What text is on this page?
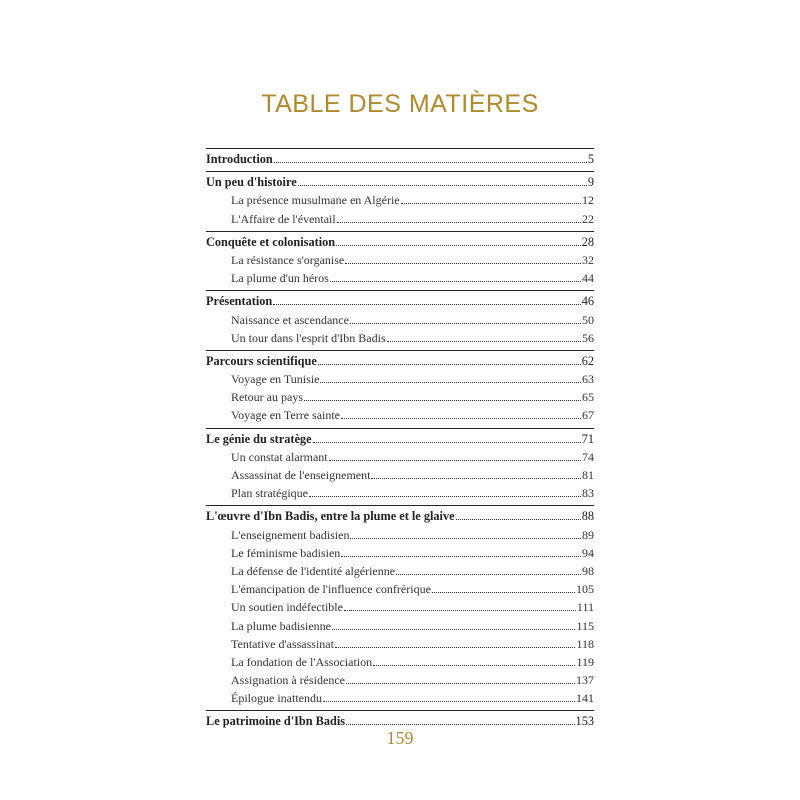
TABLE DES MATIÈRES
Introduction	5
Un peu d'histoire	9
La présence musulmane en Algérie	12
L'Affaire de l'éventail	22
Conquête et colonisation	28
La résistance s'organise	32
La plume d'un héros	44
Présentation	46
Naissance et ascendance	50
Un tour dans l'esprit d'Ibn Badis	56
Parcours scientifique	62
Voyage en Tunisie	63
Retour au pays	65
Voyage en Terre sainte	67
Le génie du stratège	71
Un constat alarmant	74
Assassinat de l'enseignement	81
Plan stratégique	83
L'œuvre d'Ibn Badis, entre la plume et le glaive	88
L'enseignement badisien	89
Le féminisme badisien	94
La défense de l'identité algérienne	98
L'émancipation de l'influence confrérique	105
Un soutien indéfectible	111
La plume badisienne	115
Tentative d'assassinat	118
La fondation de l'Association	119
Assignation à résidence	137
Épilogue inattendu	141
Le patrimoine d'Ibn Badis	153
159
